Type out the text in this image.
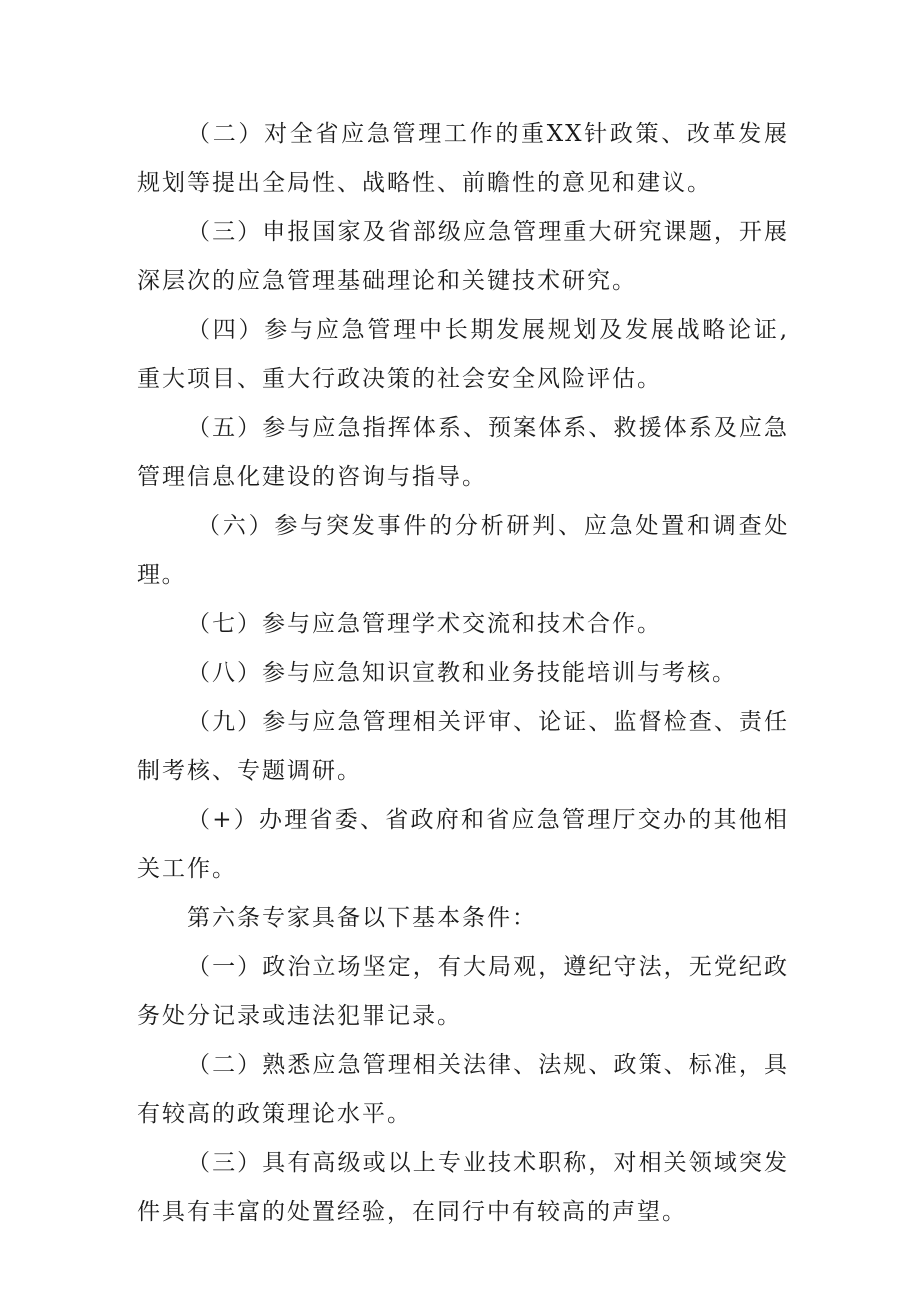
（二）对全省应急管理工作的重XX针政策、改革发展规划等提出全局性、战略性、前瞻性的意见和建议。

（三）申报国家及省部级应急管理重大研究课题，开展深层次的应急管理基础理论和关键技术研究。

（四）参与应急管理中长期发展规划及发展战略论证,重大项目、重大行政决策的社会安全风险评估。

（五）参与应急指挥体系、预案体系、救援体系及应急管理信息化建设的咨询与指导。

（六）参与突发事件的分析研判、应急处置和调查处理。

（七）参与应急管理学术交流和技术合作。

（八）参与应急知识宣教和业务技能培训与考核。

（九）参与应急管理相关评审、论证、监督检查、责任制考核、专题调研。

（+）办理省委、省政府和省应急管理厅交办的其他相关工作。

第六条专家具备以下基本条件：

（一）政治立场坚定，有大局观，遵纪守法，无党纪政务处分记录或违法犯罪记录。

（二）熟悉应急管理相关法律、法规、政策、标准，具有较高的政策理论水平。

（三）具有高级或以上专业技术职称，对相关领域突发件具有丰富的处置经验，在同行中有较高的声望。
